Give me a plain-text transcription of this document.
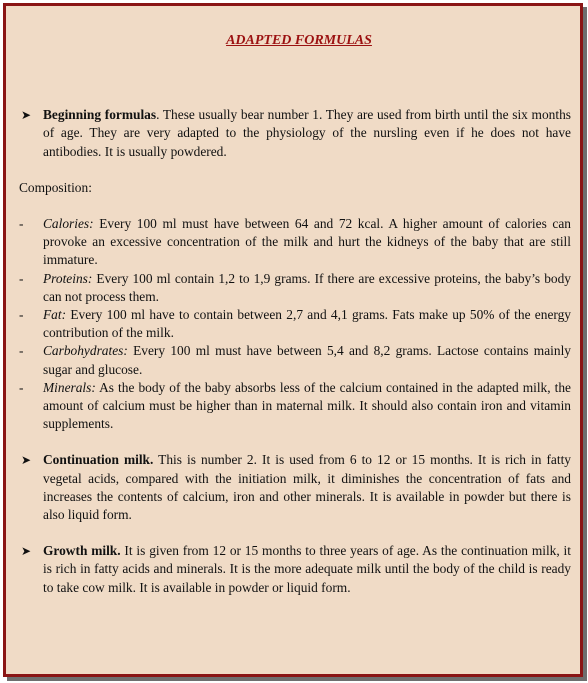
ADAPTED FORMULAS

➤ Beginning formulas. These usually bear number 1. They are used from birth until the six months of age. They are very adapted to the physiology of the nursling even if he does not have antibodies. It is usually powdered.

Composition:

- Calories: Every 100 ml must have between 64 and 72 kcal. A higher amount of calories can provoke an excessive concentration of the milk and hurt the kidneys of the baby that are still immature.

- Proteins: Every 100 ml contain 1,2 to 1,9 grams. If there are excessive proteins, the baby’s body can not process them.

- Fat: Every 100 ml have to contain between 2,7 and 4,1 grams. Fats make up 50% of the energy contribution of the milk.

- Carbohydrates: Every 100 ml must have between 5,4 and 8,2 grams. Lactose contains mainly sugar and glucose.

- Minerals: As the body of the baby absorbs less of the calcium contained in the adapted milk, the amount of calcium must be higher than in maternal milk. It should also contain iron and vitamin supplements.

➤ Continuation milk. This is number 2. It is used from 6 to 12 or 15 months. It is rich in fatty vegetal acids, compared with the initiation milk, it diminishes the concentration of fats and increases the contents of calcium, iron and other minerals. It is available in powder but there is also liquid form.

➤ Growth milk. It is given from 12 or 15 months to three years of age. As the continuation milk, it is rich in fatty acids and minerals. It is the more adequate milk until the body of the child is ready to take cow milk. It is available in powder or liquid form.
